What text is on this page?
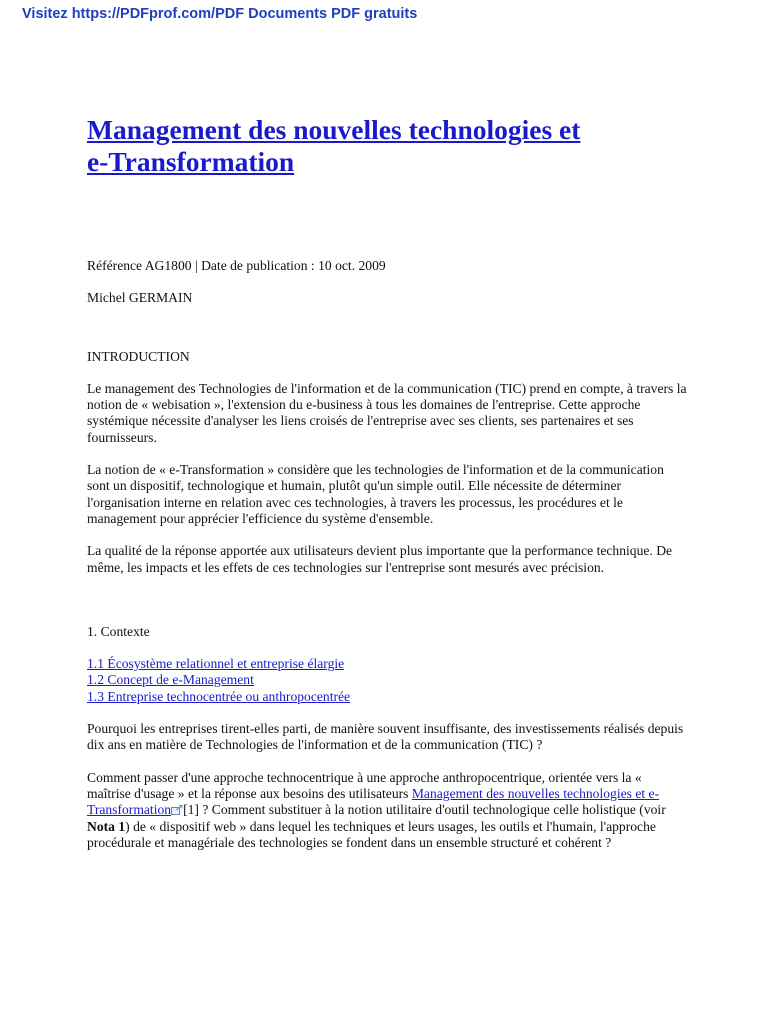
Visitez https://PDFprof.com/PDF Documents PDF gratuits
Management des nouvelles technologies et
e-Transformation

Référence AG1800 | Date de publication : 10 oct. 2009

Michel GERMAIN

INTRODUCTION

Le management des Technologies de l'information et de la communication (TIC) prend en compte, à travers la notion de « webisation », l'extension du e-business à tous les domaines de l'entreprise. Cette approche systémique nécessite d'analyser les liens croisés de l'entreprise avec ses clients, ses partenaires et ses fournisseurs.

La notion de « e-Transformation » considère que les technologies de l'information et de la communication sont un dispositif, technologique et humain, plutôt qu'un simple outil. Elle nécessite de déterminer l'organisation interne en relation avec ces technologies, à travers les processus, les procédures et le management pour apprécier l'efficience du système d'ensemble.

La qualité de la réponse apportée aux utilisateurs devient plus importante que la performance technique. De même, les impacts et les effets de ces technologies sur l'entreprise sont mesurés avec précision.

1. Contexte

1.1 Écosystème relationnel et entreprise élargie
1.2 Concept de e-Management
1.3 Entreprise technocentrée ou anthropocentrée

Pourquoi les entreprises tirent-elles parti, de manière souvent insuffisante, des investissements réalisés depuis dix ans en matière de Technologies de l'information et de la communication (TIC) ?

Comment passer d'une approche technocentrique à une approche anthropocentrique, orientée vers la « maîtrise d'usage » et la réponse aux besoins des utilisateurs Management des nouvelles technologies et e-Transformation [1] ? Comment substituer à la notion utilitaire d'outil technologique celle holistique (voir Nota 1) de « dispositif web » dans lequel les techniques et leurs usages, les outils et l'humain, l'approche procédurale et managériale des technologies se fondent dans un ensemble structuré et cohérent ?
